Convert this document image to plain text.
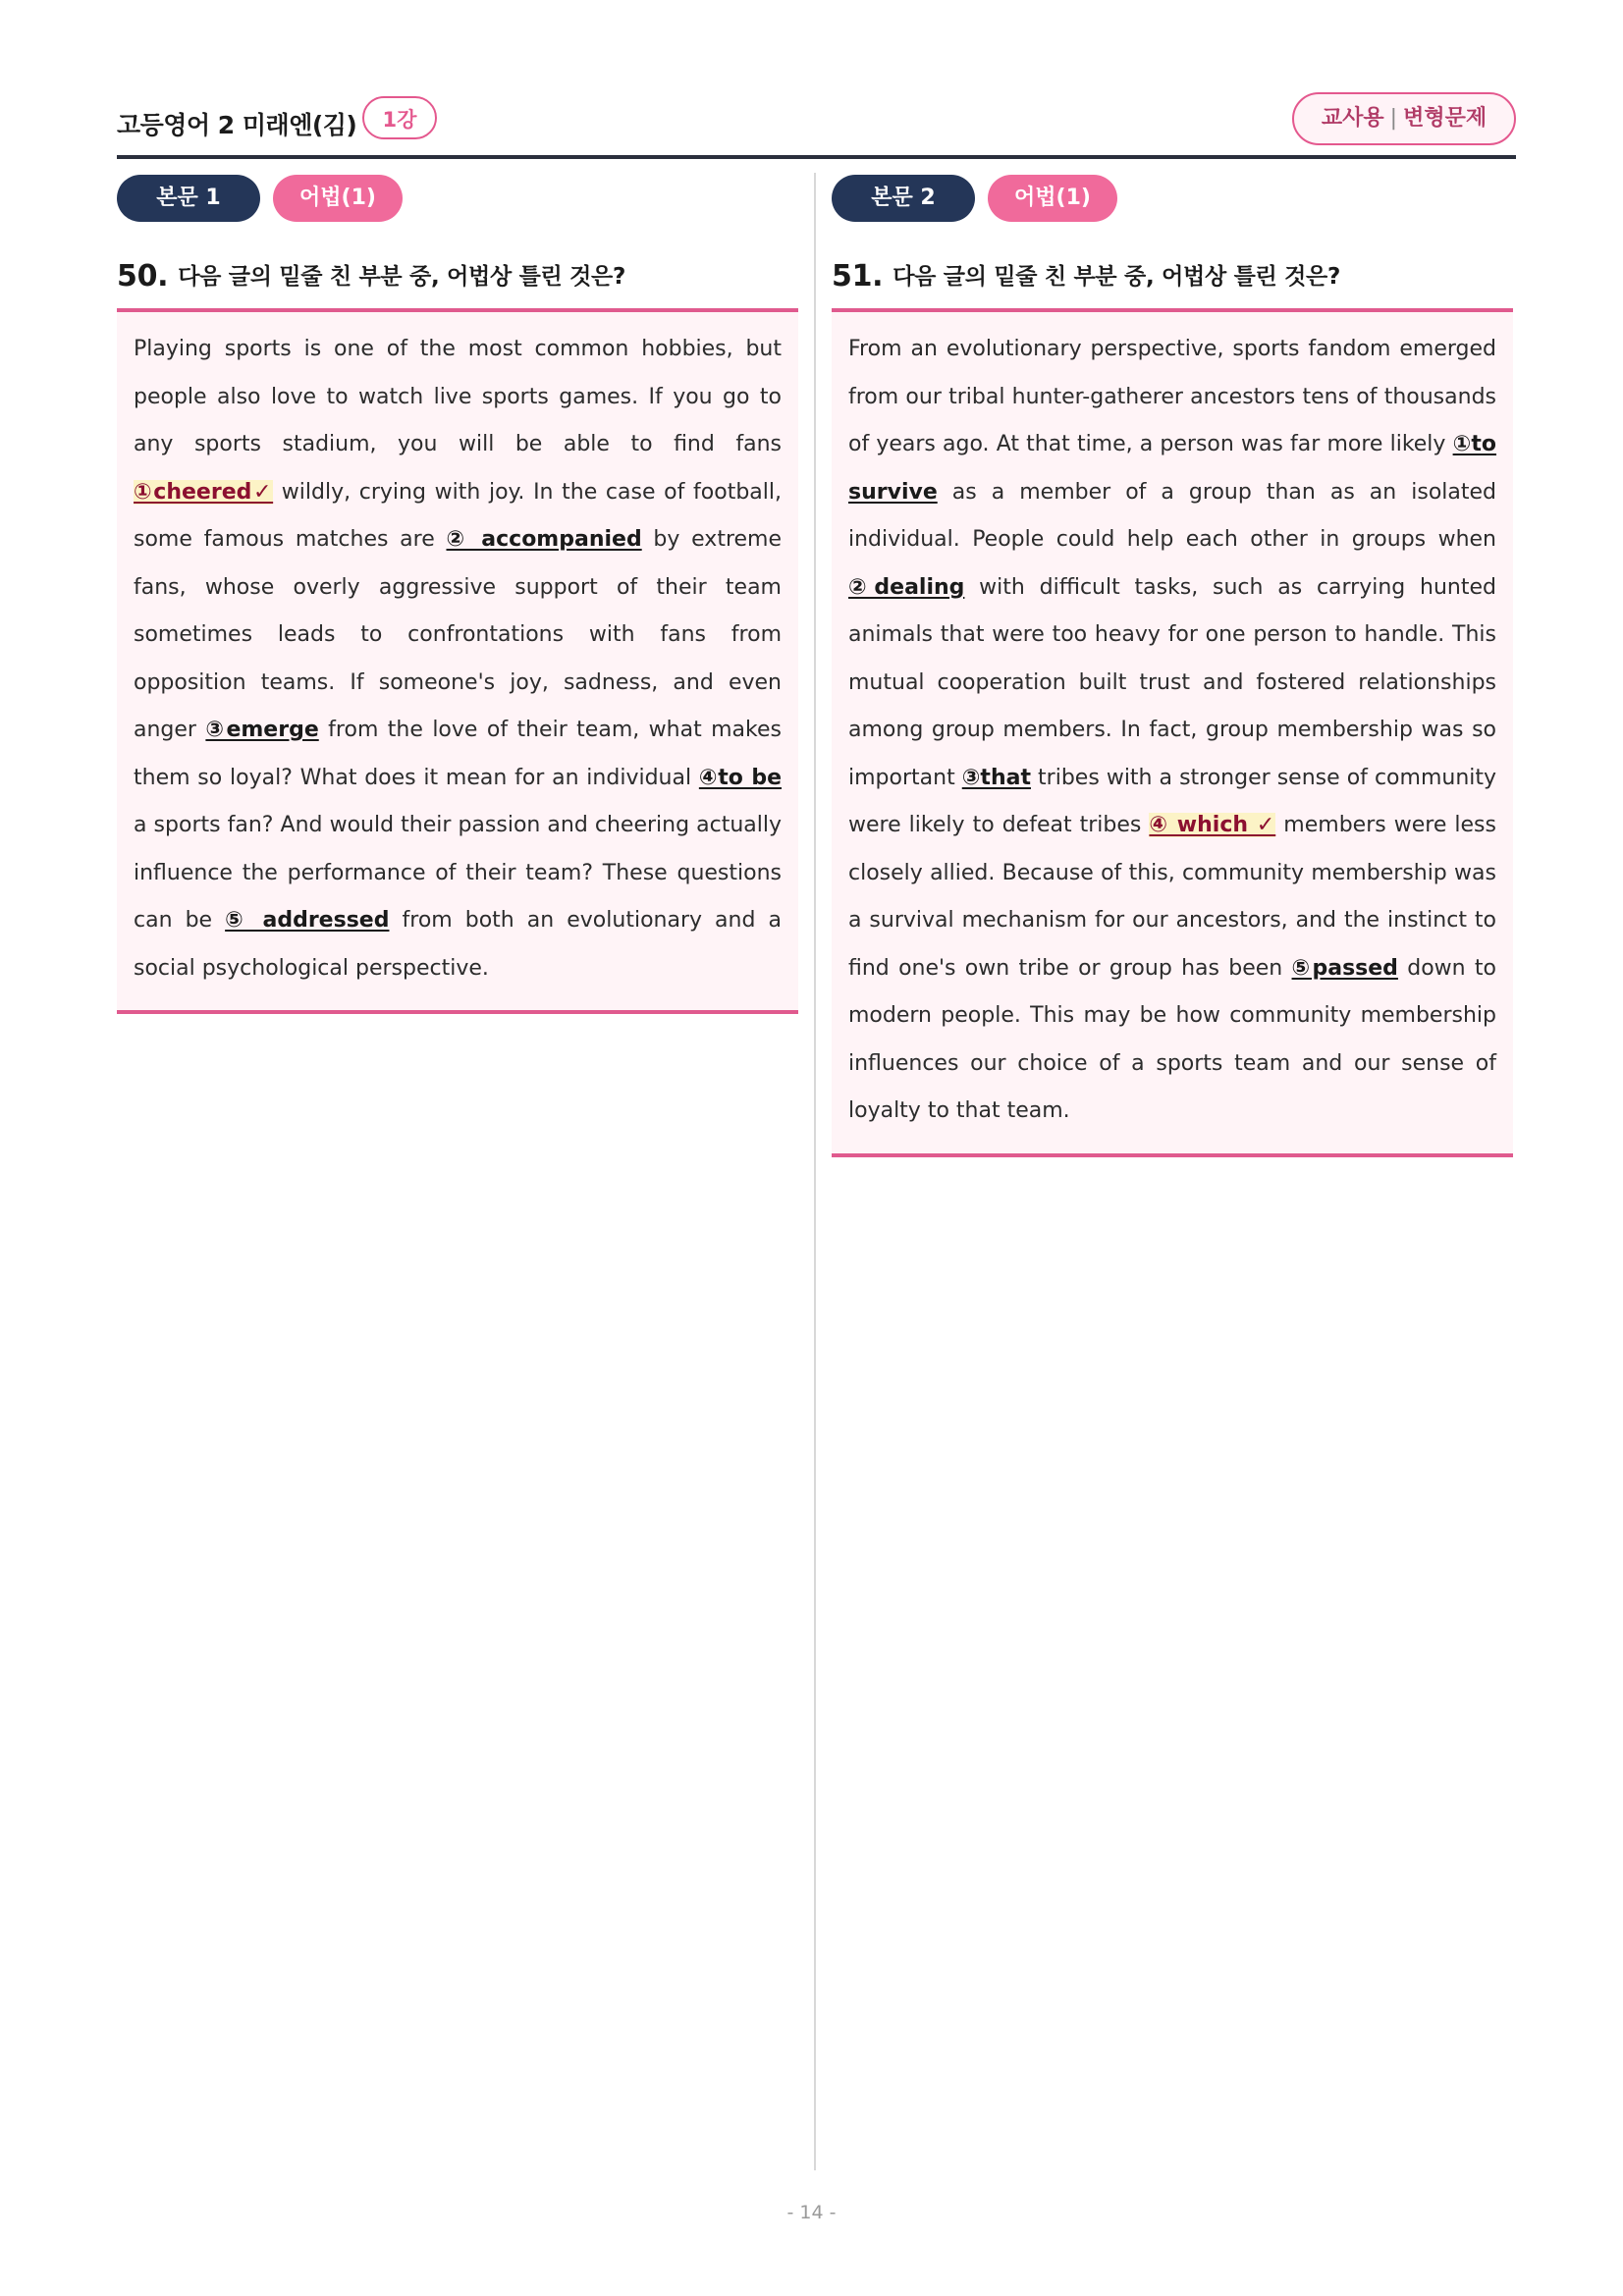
고등영어 2 미래엔(김)	1강	교사용 | 변형문제
본문 1	어법(1)
50. 다음 글의 밑줄 친 부분 중, 어법상 틀린 것은?

Playing sports is one of the most common hobbies, but people also love to watch live sports games. If you go to any sports stadium, you will be able to find fans ①cheered✓ wildly, crying with joy. In the case of football, some famous matches are ② accompanied by extreme fans, whose overly aggressive support of their team sometimes leads to confrontations with fans from opposition teams. If someone's joy, sadness, and even anger ③emerge from the love of their team, what makes them so loyal? What does it mean for an individual ④to be a sports fan? And would their passion and cheering actually influence the performance of their team? These questions can be ⑤ addressed from both an evolutionary and a social psychological perspective.

본문 2	어법(1)
51. 다음 글의 밑줄 친 부분 중, 어법상 틀린 것은?

From an evolutionary perspective, sports fandom emerged from our tribal hunter-gatherer ancestors tens of thousands of years ago. At that time, a person was far more likely ①to survive as a member of a group than as an isolated individual. People could help each other in groups when ②dealing with difficult tasks, such as carrying hunted animals that were too heavy for one person to handle. This mutual cooperation built trust and fostered relationships among group members. In fact, group membership was so important ③that tribes with a stronger sense of community were likely to defeat tribes ④ which ✓ members were less closely allied. Because of this, community membership was a survival mechanism for our ancestors, and the instinct to find one's own tribe or group has been ⑤passed down to modern people. This may be how community membership influences our choice of a sports team and our sense of loyalty to that team.

- 14 -
